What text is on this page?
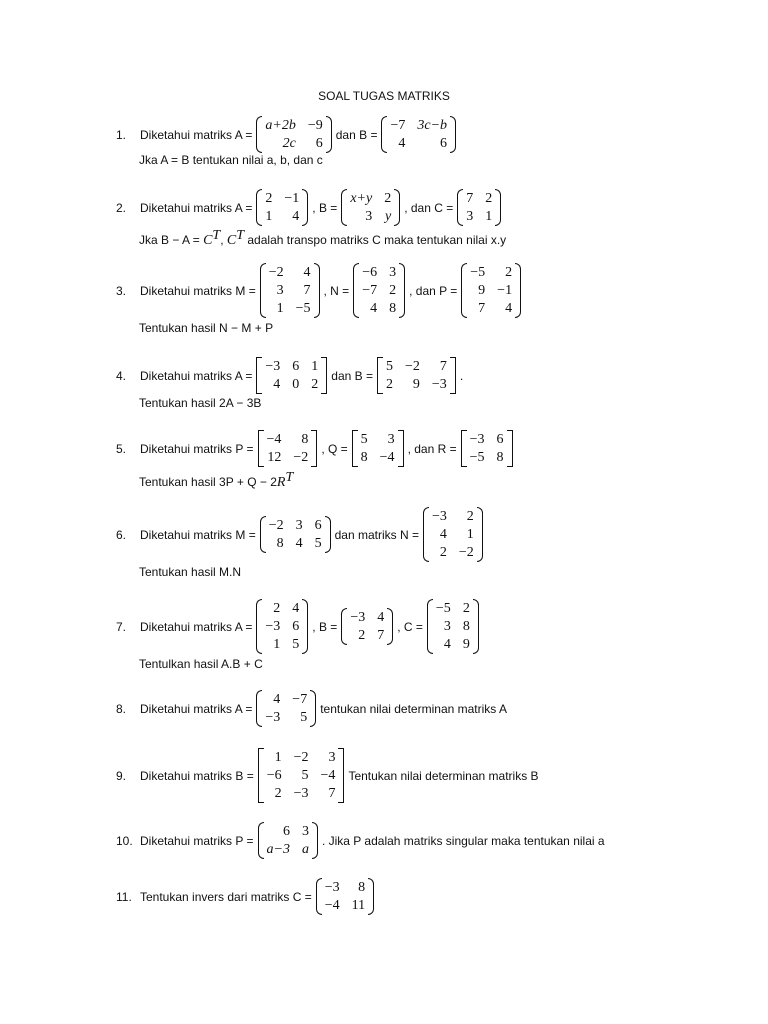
SOAL TUGAS MATRIKS
1.	Diketahui matriks A =
a+2b −9
2c	6
dan B =
−7 3c−b
4	6
Jka A = B tentukan nilai a, b, dan c
2.	Diketahui matriks A =
2 −1
1	4
, B =
x+y 2
3 y
, dan C =
7 2
3 1
Jka $B - A = C^T$, $C^T$ adalah transpo matriks C maka tentukan nilai x.y
3.	Diketahui matriks M =
−2	4
3	7
1 −5
, N =
−6 3
−7 2
4 8
, dan P =
−5	2
9 −1
7	4
Tentukan hasil N − M + P
4.	Diketahui matriks A =
−3 6 1
4 0 2
dan B =
5 −2	7
2	9 −3
.
Tentukan hasil 2A − 3B
5.	Diketahui matriks P =
−4	8
12 −2
, Q =
5	3
8 −4
, dan R =
−3 6
−5 8
Tentukan hasil $3P + Q - 2R^T$
6.	Diketahui matriks M =
−2 3 6
8 4 5
dan matriks N =
−3	2
4	1
2 −2
Tentukan hasil M.N
7.	Diketahui matriks A =
2 4
−3 6
1 5
, B =
−3 4
2 7
, C =
−5 2
3 8
4 9
Tentulkan hasil A.B + C
8.	Diketahui matriks A =
4 −7
−3	5
tentukan nilai determinan matriks A
9.	Diketahui matriks B =
1 −2	3
−6	5 −4
2 −3	7
Tentukan nilai determinan matriks B
10. Diketahui matriks P =
6 3
a−3 a
. Jika P adalah matriks singular maka tentukan nilai a
11. Tentukan invers dari matriks C =
−3	8
−4 11
